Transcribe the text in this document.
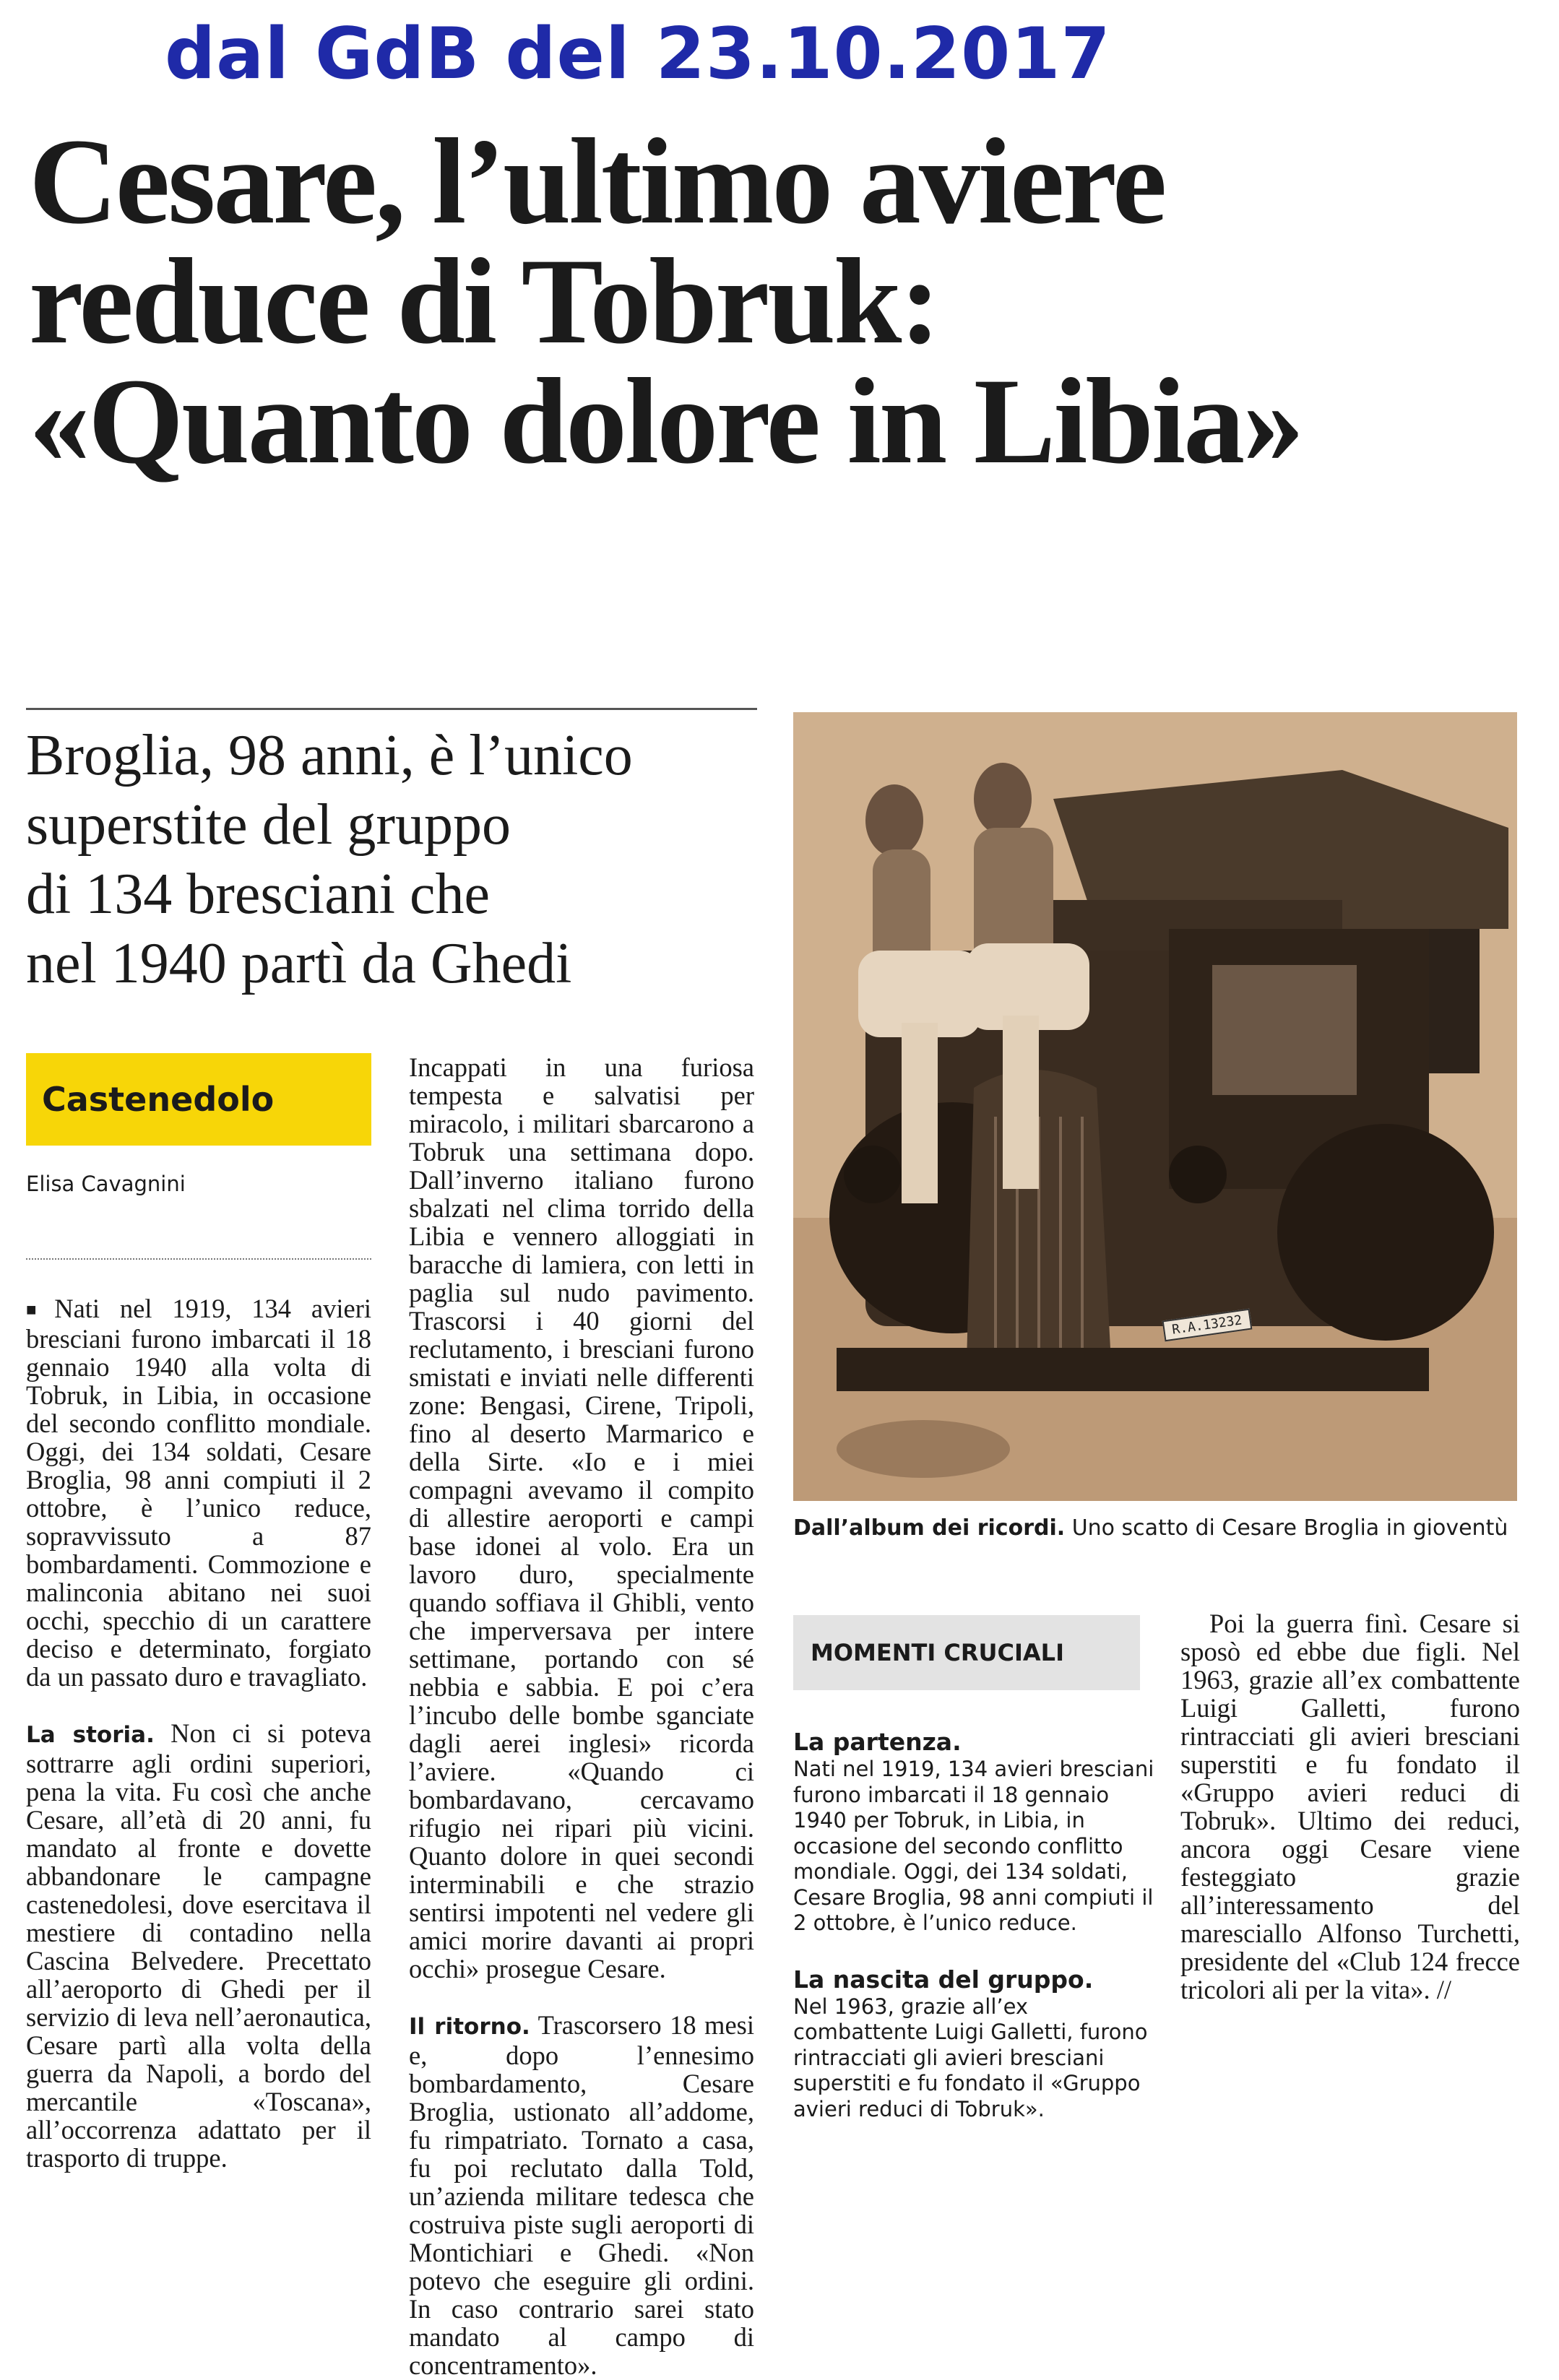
dal GdB del 23.10.2017
Cesare, l’ultimo aviere
reduce di Tobruk:
«Quanto dolore in Libia»
Broglia, 98 anni, è l’unico
superstite del gruppo
di 134 bresciani che
nel 1940 partì da Ghedi
Castenedolo
Elisa Cavagnini

■ Nati nel 1919, 134 avieri bresciani furono imbarcati il 18 gennaio 1940 alla volta di Tobruk, in Libia, in occasione del secondo conflitto mondiale. Oggi, dei 134 soldati, Cesare Broglia, 98 anni compiuti il 2 ottobre, è l’unico reduce, sopravvissuto a 87 bombardamenti. Commozione e malinconia abitano nei suoi occhi, specchio di un carattere deciso e determinato, forgiato da un passato duro e travagliato.

La storia. Non ci si poteva sottrarre agli ordini superiori, pena la vita. Fu così che anche Cesare, all’età di 20 anni, fu mandato al fronte e dovette abbandonare le campagne castenedolesi, dove esercitava il mestiere di contadino nella Cascina Belvedere. Precettato all’aeroporto di Ghedi per il servizio di leva nell’aeronautica, Cesare partì alla volta della guerra da Napoli, a bordo del mercantile «Toscana», all’occorrenza adattato per il trasporto di truppe.

Incappati in una furiosa tempesta e salvatisi per miracolo, i militari sbarcarono a Tobruk una settimana dopo. Dall’inverno italiano furono sbalzati nel clima torrido della Libia e vennero alloggiati in baracche di lamiera, con letti in paglia sul nudo pavimento. Trascorsi i 40 giorni del reclutamento, i bresciani furono smistati e inviati nelle differenti zone: Bengasi, Cirene, Tripoli, fino al deserto Marmarico e della Sirte. «Io e i miei compagni avevamo il compito di allestire aeroporti e campi base idonei al volo. Era un lavoro duro, specialmente quando soffiava il Ghibli, vento che imperversava per intere settimane, portando con sé nebbia e sabbia. E poi c’era l’incubo delle bombe sganciate dagli aerei inglesi» ricorda l’aviere. «Quando ci bombardavano, cercavamo rifugio nei ripari più vicini. Quanto dolore in quei secondi interminabili e che strazio sentirsi impotenti nel vedere gli amici morire davanti ai propri occhi» prosegue Cesare.

Il ritorno. Trascorsero 18 mesi e, dopo l’ennesimo bombardamento, Cesare Broglia, ustionato all’addome, fu rimpatriato. Tornato a casa, fu poi reclutato dalla Told, un’azienda militare tedesca che costruiva piste sugli aeroporti di Montichiari e Ghedi. «Non potevo che eseguire gli ordini. In caso contrario sarei stato mandato al campo di concentramento».

Poi la guerra finì. Cesare si sposò ed ebbe due figli. Nel 1963, grazie all’ex combattente Luigi Galletti, furono rintracciati gli avieri bresciani superstiti e fu fondato il «Gruppo avieri reduci di Tobruk». Ultimo dei reduci, ancora oggi Cesare viene festeggiato grazie all’interessamento del maresciallo Alfonso Turchetti, presidente del «Club 124 frecce tricolori ali per la vita». //

R.A.13232
Dall’album dei ricordi. Uno scatto di Cesare Broglia in gioventù
MOMENTI CRUCIALI
La partenza.

Nati nel 1919, 134 avieri bresciani furono imbarcati il 18 gennaio 1940 per Tobruk, in Libia, in occasione del secondo conflitto mondiale. Oggi, dei 134 soldati, Cesare Broglia, 98 anni compiuti il 2 ottobre, è l’unico reduce.

La nascita del gruppo.

Nel 1963, grazie all’ex combattente Luigi Galletti, furono rintracciati gli avieri bresciani superstiti e fu fondato il «Gruppo avieri reduci di Tobruk».
